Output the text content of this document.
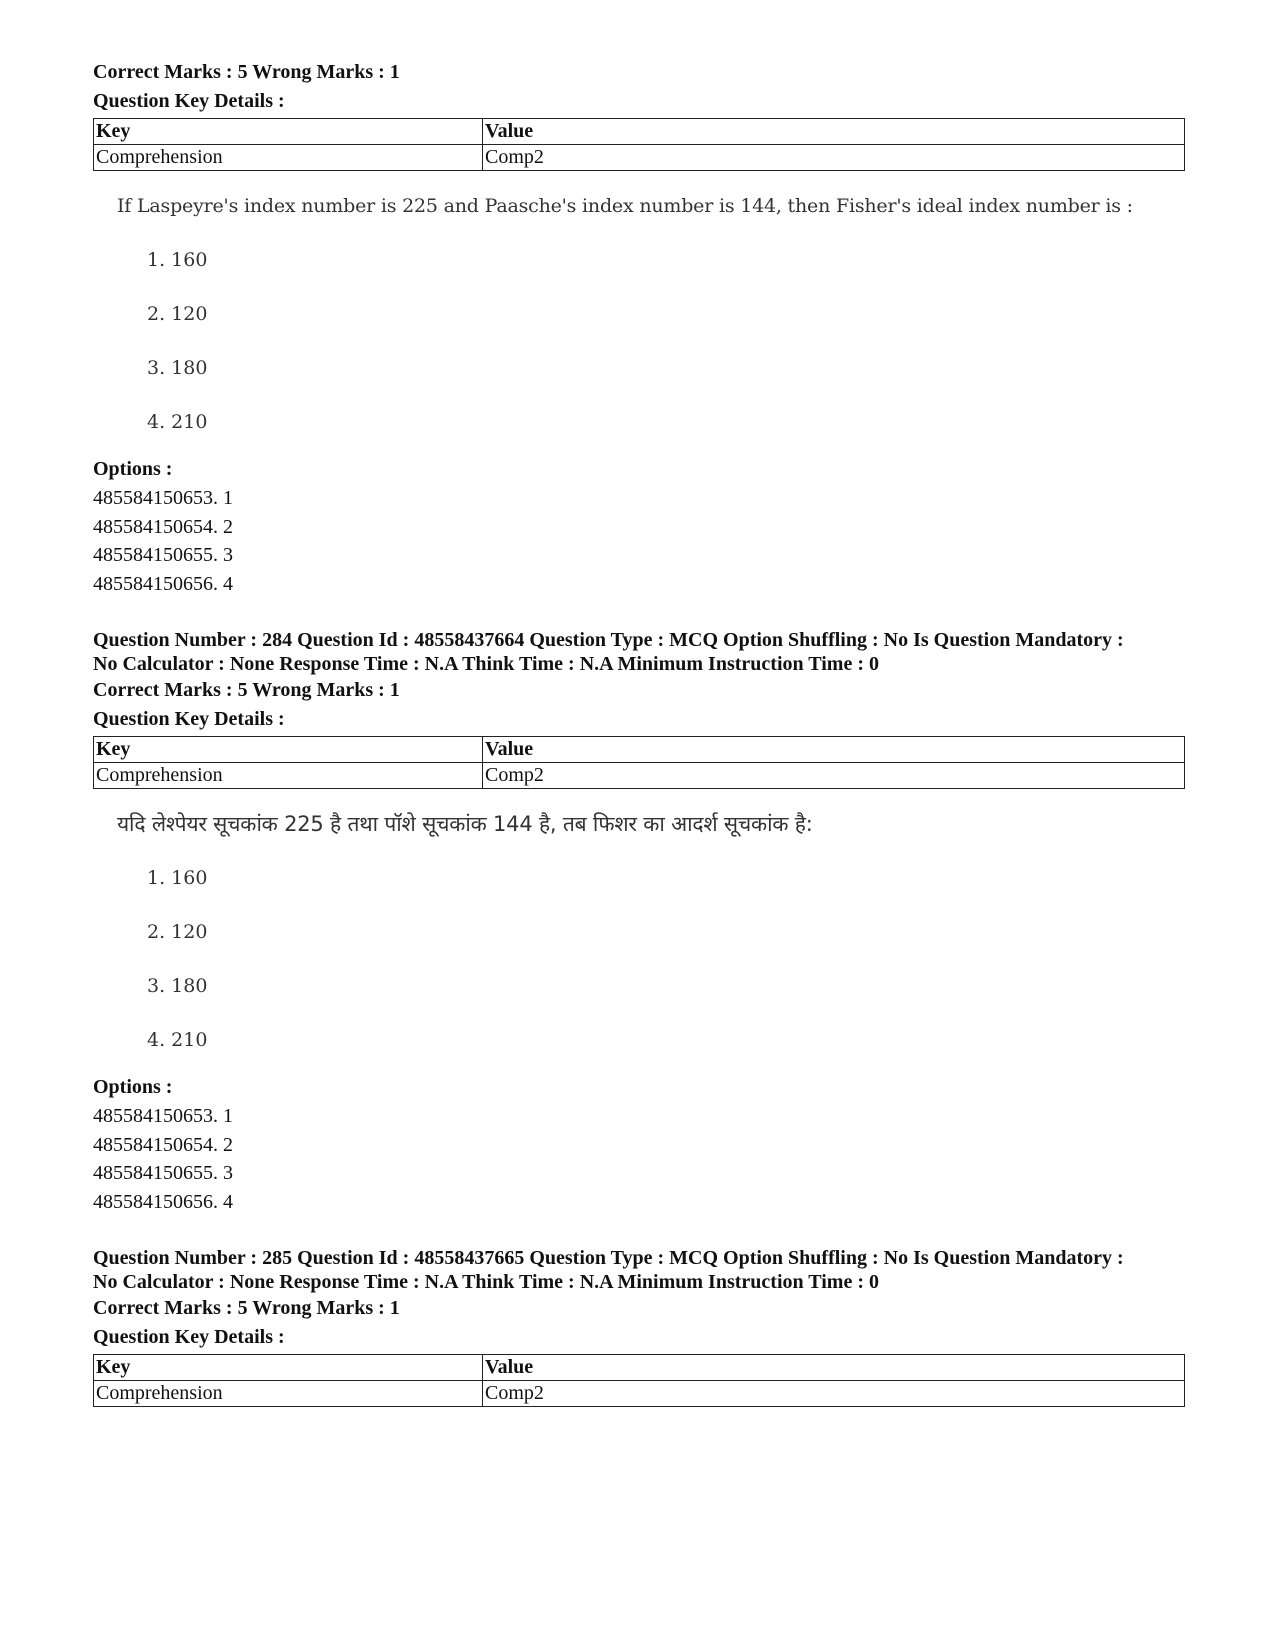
Correct Marks : 5 Wrong Marks : 1
Question Key Details :
Key	Value
Comprehension	Comp2
If Laspeyre's index number is 225 and Paasche's index number is 144, then Fisher's ideal index number is :
1. 160
2. 120
3. 180
4. 210
Options :
485584150653. 1
485584150654. 2
485584150655. 3
485584150656. 4
Question Number : 284 Question Id : 48558437664 Question Type : MCQ Option Shuffling : No Is Question Mandatory :
No Calculator : None Response Time : N.A Think Time : N.A Minimum Instruction Time : 0
Correct Marks : 5 Wrong Marks : 1
Question Key Details :
Key	Value
Comprehension	Comp2
यदि लेश्पेयर सूचकांक 225 है तथा पॉशे सूचकांक 144 है, तब फिशर का आदर्श सूचकांक है:
1. 160
2. 120
3. 180
4. 210
Options :
485584150653. 1
485584150654. 2
485584150655. 3
485584150656. 4
Question Number : 285 Question Id : 48558437665 Question Type : MCQ Option Shuffling : No Is Question Mandatory :
No Calculator : None Response Time : N.A Think Time : N.A Minimum Instruction Time : 0
Correct Marks : 5 Wrong Marks : 1
Question Key Details :
Key	Value
Comprehension	Comp2
